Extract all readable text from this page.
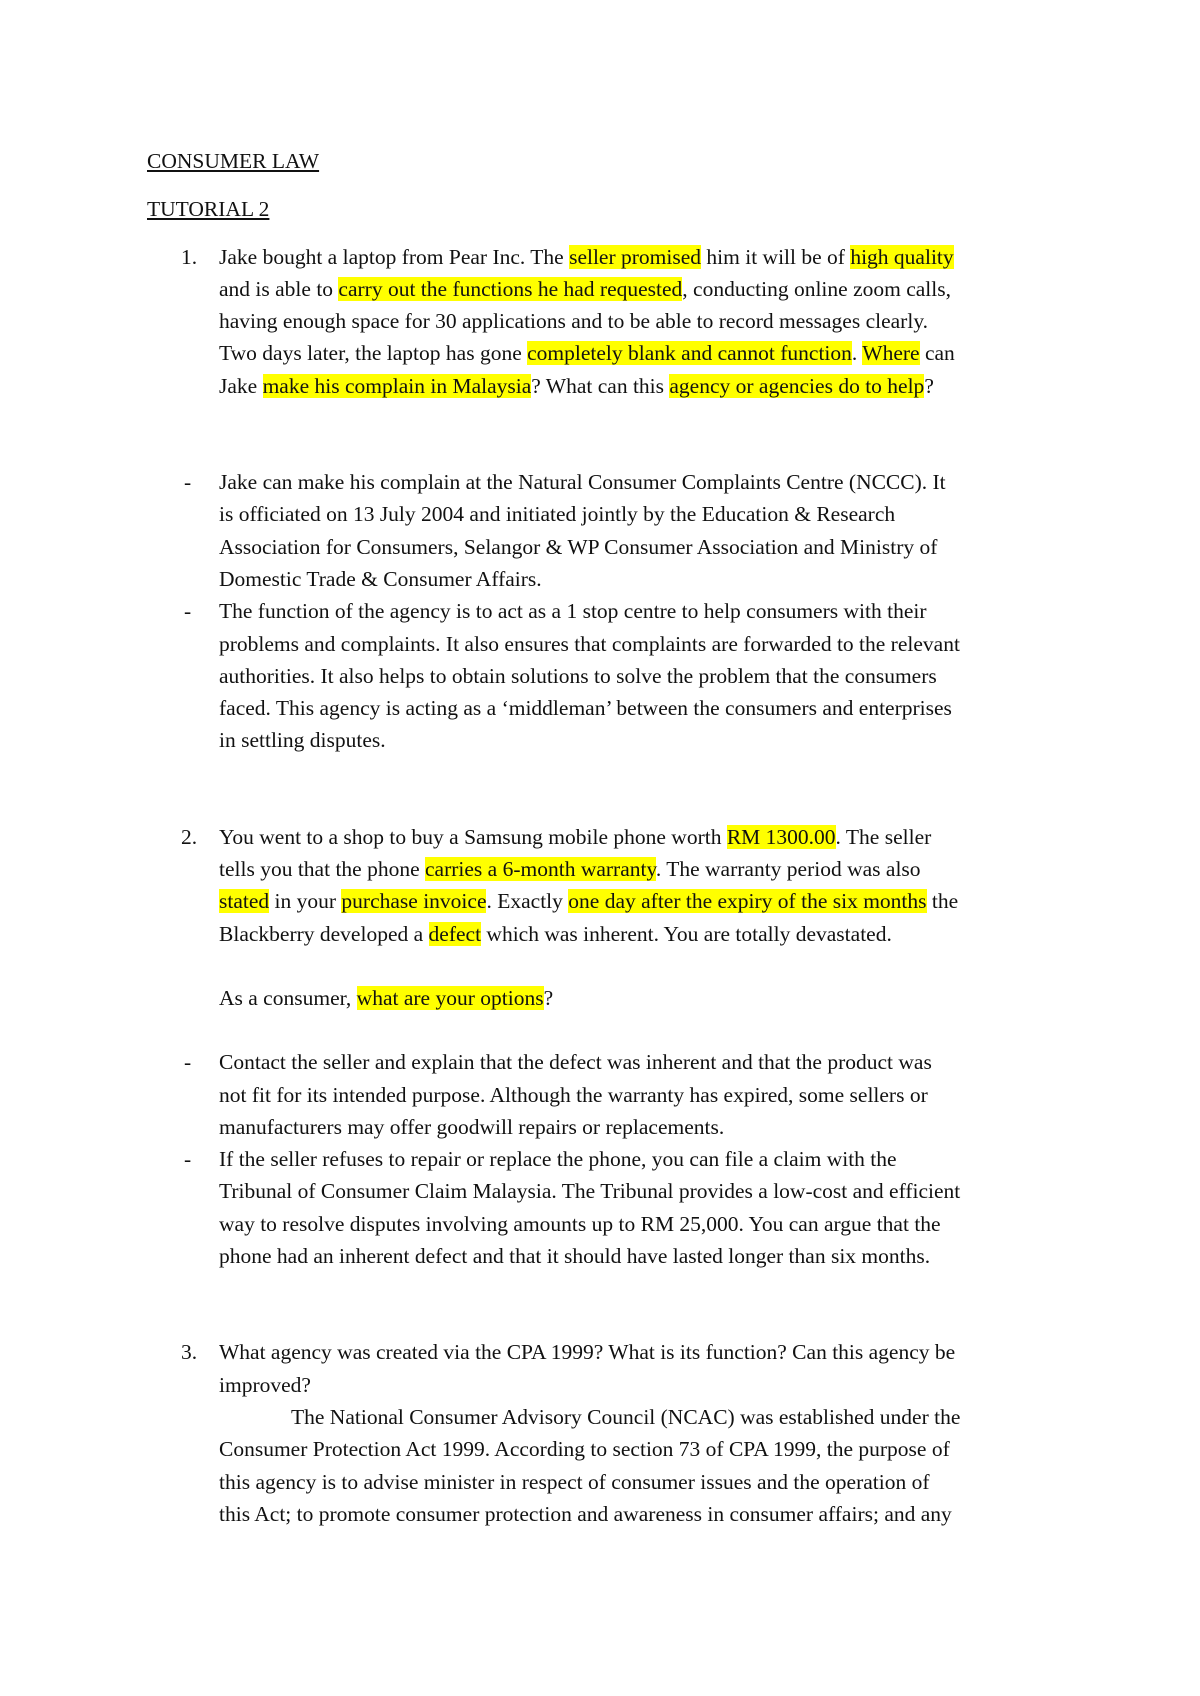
CONSUMER LAW

TUTORIAL 2

1. Jake bought a laptop from Pear Inc. The seller promised him it will be of high quality
and is able to carry out the functions he had requested, conducting online zoom calls,
having enough space for 30 applications and to be able to record messages clearly.
Two days later, the laptop has gone completely blank and cannot function. Where can
Jake make his complain in Malaysia? What can this agency or agencies do to help?
- Jake can make his complain at the Natural Consumer Complaints Centre (NCCC). It
is officiated on 13 July 2004 and initiated jointly by the Education & Research
Association for Consumers, Selangor & WP Consumer Association and Ministry of
Domestic Trade & Consumer Affairs.
- The function of the agency is to act as a 1 stop centre to help consumers with their
problems and complaints. It also ensures that complaints are forwarded to the relevant
authorities. It also helps to obtain solutions to solve the problem that the consumers
faced. This agency is acting as a ‘middleman’ between the consumers and enterprises
in settling disputes.
2. You went to a shop to buy a Samsung mobile phone worth RM 1300.00. The seller
tells you that the phone carries a 6-month warranty. The warranty period was also
stated in your purchase invoice. Exactly one day after the expiry of the six months the
Blackberry developed a defect which was inherent. You are totally devastated.

As a consumer, what are your options?

- Contact the seller and explain that the defect was inherent and that the product was
not fit for its intended purpose. Although the warranty has expired, some sellers or
manufacturers may offer goodwill repairs or replacements.
- If the seller refuses to repair or replace the phone, you can file a claim with the
Tribunal of Consumer Claim Malaysia. The Tribunal provides a low-cost and efficient
way to resolve disputes involving amounts up to RM 25,000. You can argue that the
phone had an inherent defect and that it should have lasted longer than six months.
3. What agency was created via the CPA 1999? What is its function? Can this agency be
improved?
The National Consumer Advisory Council (NCAC) was established under the
Consumer Protection Act 1999. According to section 73 of CPA 1999, the purpose of
this agency is to advise minister in respect of consumer issues and the operation of
this Act; to promote consumer protection and awareness in consumer affairs; and any
